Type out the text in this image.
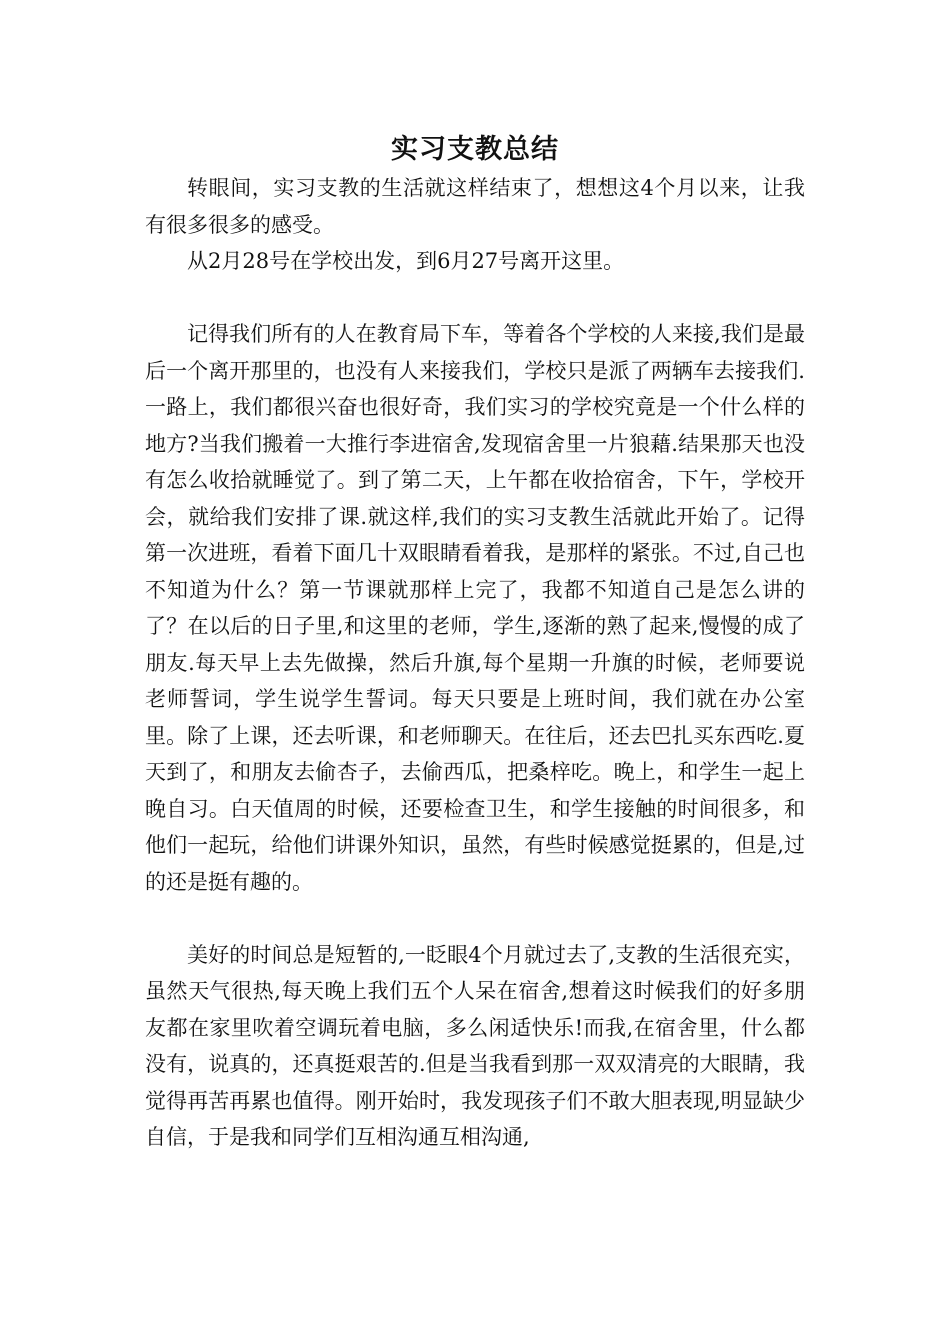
实习支教总结

转眼间，实习支教的生活就这样结束了，想想这4个月以来，让我有很多很多的感受。

从2月28号在学校出发，到6月27号离开这里。

记得我们所有的人在教育局下车，等着各个学校的人来接,我们是最后一个离开那里的，也没有人来接我们，学校只是派了两辆车去接我们.一路上，我们都很兴奋也很好奇，我们实习的学校究竟是一个什么样的地方?当我们搬着一大推行李进宿舍,发现宿舍里一片狼藉.结果那天也没有怎么收拾就睡觉了。到了第二天，上午都在收拾宿舍，下午，学校开会，就给我们安排了课.就这样,我们的实习支教生活就此开始了。记得第一次进班，看着下面几十双眼睛看着我，是那样的紧张。不过,自己也不知道为什么？第一节课就那样上完了，我都不知道自己是怎么讲的了？在以后的日子里,和这里的老师，学生,逐渐的熟了起来,慢慢的成了朋友.每天早上去先做操，然后升旗,每个星期一升旗的时候，老师要说老师誓词，学生说学生誓词。每天只要是上班时间，我们就在办公室里。除了上课，还去听课，和老师聊天。在往后，还去巴扎买东西吃.夏天到了，和朋友去偷杏子，去偷西瓜，把桑梓吃。晚上，和学生一起上晚自习。白天值周的时候，还要检查卫生，和学生接触的时间很多，和他们一起玩，给他们讲课外知识，虽然，有些时候感觉挺累的，但是,过的还是挺有趣的。

美好的时间总是短暂的,一眨眼4个月就过去了,支教的生活很充实，虽然天气很热,每天晚上我们五个人呆在宿舍,想着这时候我们的好多朋友都在家里吹着空调玩着电脑，多么闲适快乐!而我,在宿舍里，什么都没有，说真的，还真挺艰苦的.但是当我看到那一双双清亮的大眼睛，我觉得再苦再累也值得。刚开始时，我发现孩子们不敢大胆表现,明显缺少自信，于是我和同学们互相沟通互相沟通,
